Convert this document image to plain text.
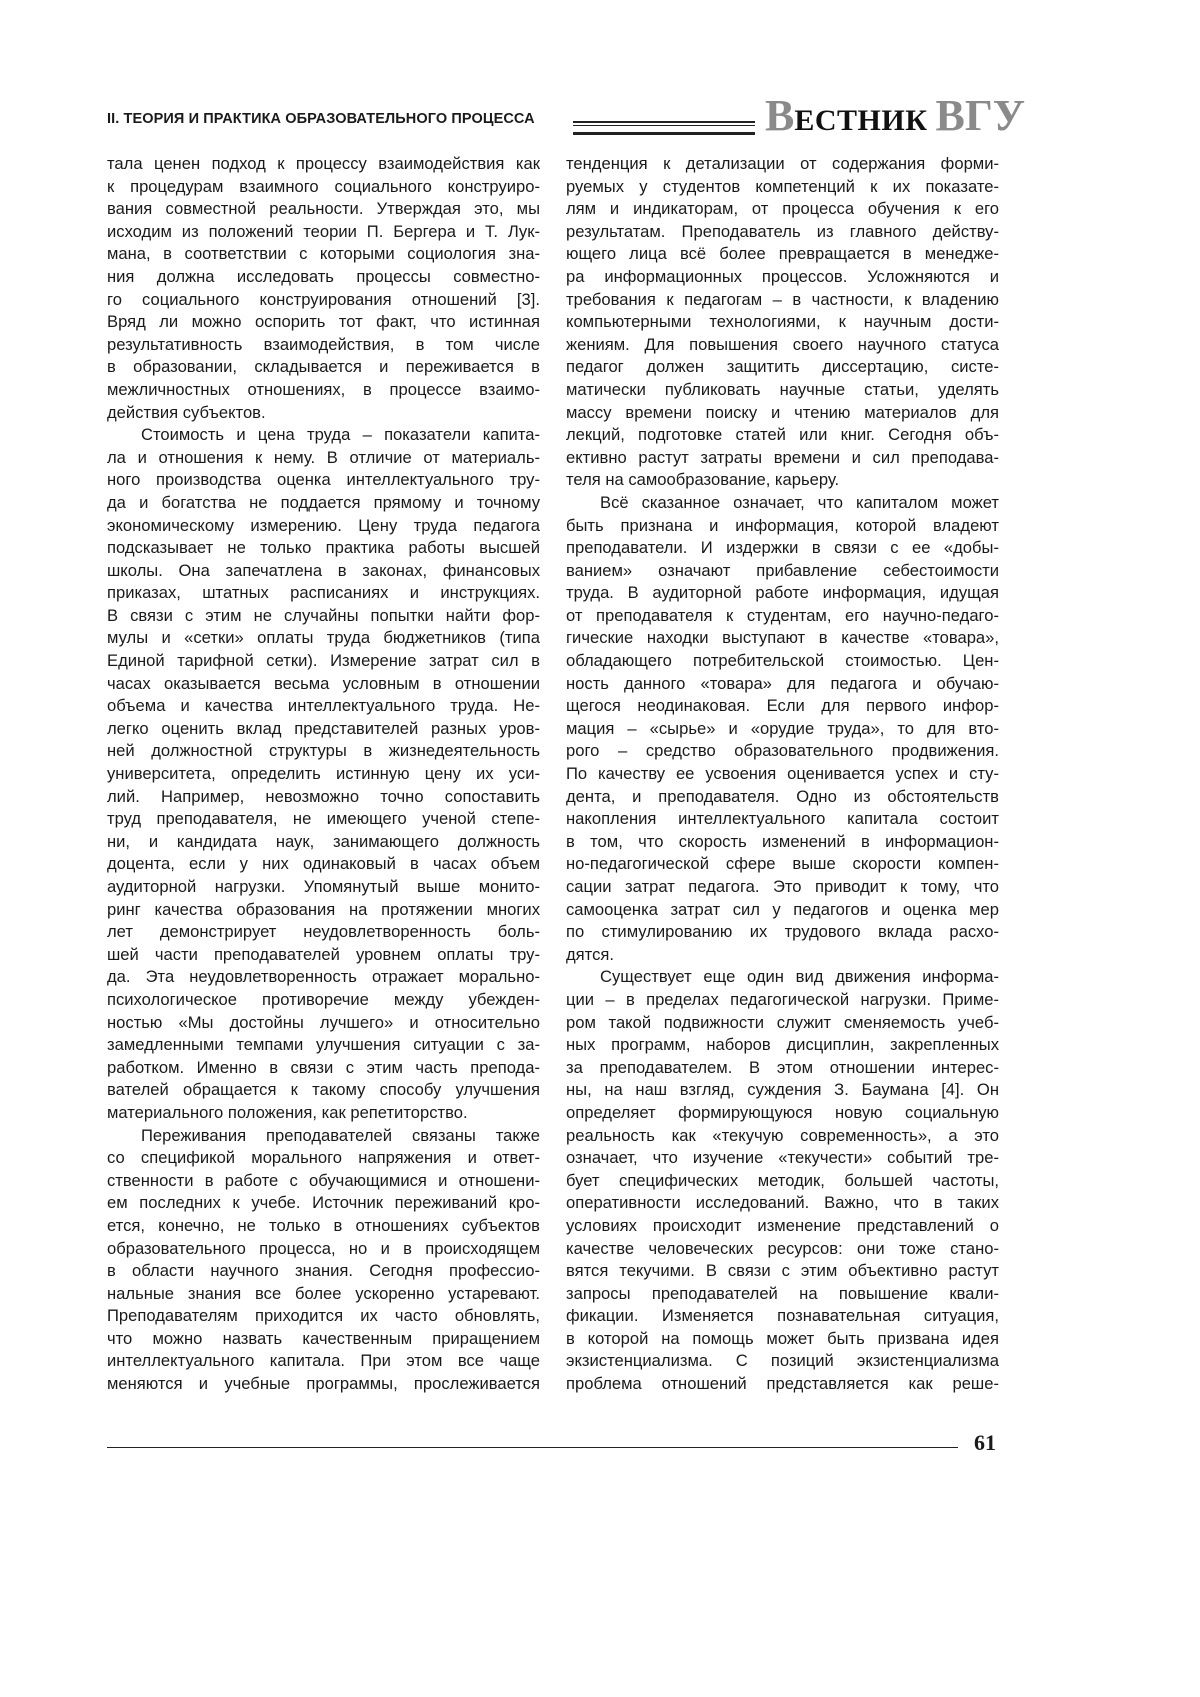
II. ТЕОРИЯ И ПРАКТИКА ОБРАЗОВАТЕЛЬНОГО ПРОЦЕССА	ВЕСТНИК ВГУ
тала ценен подход к процессу взаимодействия как
к процедурам взаимного социального конструиро-
вания совместной реальности. Утверждая это, мы
исходим из положений теории П. Бергера и Т. Лук-
мана, в соответствии с которыми социология зна-
ния должна исследовать процессы совместно-
го социального конструирования отношений [3].
Вряд ли можно оспорить тот факт, что истинная
результативность взаимодействия, в том числе
в образовании, складывается и переживается в
межличностных отношениях, в процессе взаимо-
действия субъектов.
Стоимость и цена труда – показатели капита-
ла и отношения к нему. В отличие от материаль-
ного производства оценка интеллектуального тру-
да и богатства не поддается прямому и точному
экономическому измерению. Цену труда педагога
подсказывает не только практика работы высшей
школы. Она запечатлена в законах, финансовых
приказах, штатных расписаниях и инструкциях.
В связи с этим не случайны попытки найти фор-
мулы и «сетки» оплаты труда бюджетников (типа
Единой тарифной сетки). Измерение затрат сил в
часах оказывается весьма условным в отношении
объема и качества интеллектуального труда. Не-
легко оценить вклад представителей разных уров-
ней должностной структуры в жизнедеятельность
университета, определить истинную цену их уси-
лий. Например, невозможно точно сопоставить
труд преподавателя, не имеющего ученой степе-
ни, и кандидата наук, занимающего должность
доцента, если у них одинаковый в часах объем
аудиторной нагрузки. Упомянутый выше монито-
ринг качества образования на протяжении многих
лет демонстрирует неудовлетворенность боль-
шей части преподавателей уровнем оплаты тру-
да. Эта неудовлетворенность отражает морально-
психологическое противоречие между убежден-
ностью «Мы достойны лучшего» и относительно
замедленными темпами улучшения ситуации с за-
работком. Именно в связи с этим часть препода-
вателей обращается к такому способу улучшения
материального положения, как репетиторство.
Переживания преподавателей связаны также
со спецификой морального напряжения и ответ-
ственности в работе с обучающимися и отношени-
ем последних к учебе. Источник переживаний кро-
ется, конечно, не только в отношениях субъектов
образовательного процесса, но и в происходящем
в области научного знания. Сегодня профессио-
нальные знания все более ускоренно устаревают.
Преподавателям приходится их часто обновлять,
что можно назвать качественным приращением
интеллектуального капитала. При этом все чаще
меняются и учебные программы, прослеживается
тенденция к детализации от содержания форми-
руемых у студентов компетенций к их показате-
лям и индикаторам, от процесса обучения к его
результатам. Преподаватель из главного действу-
ющего лица всё более превращается в менедже-
ра информационных процессов. Усложняются и
требования к педагогам – в частности, к владению
компьютерными технологиями, к научным дости-
жениям. Для повышения своего научного статуса
педагог должен защитить диссертацию, систе-
матически публиковать научные статьи, уделять
массу времени поиску и чтению материалов для
лекций, подготовке статей или книг. Сегодня объ-
ективно растут затраты времени и сил преподава-
теля на самообразование, карьеру.
Всё сказанное означает, что капиталом может
быть признана и информация, которой владеют
преподаватели. И издержки в связи с ее «добы-
ванием» означают прибавление себестоимости
труда. В аудиторной работе информация, идущая
от преподавателя к студентам, его научно-педаго-
гические находки выступают в качестве «товара»,
обладающего потребительской стоимостью. Цен-
ность данного «товара» для педагога и обучаю-
щегося неодинаковая. Если для первого инфор-
мация – «сырье» и «орудие труда», то для вто-
рого – средство образовательного продвижения.
По качеству ее усвоения оценивается успех и сту-
дента, и преподавателя. Одно из обстоятельств
накопления интеллектуального капитала состоит
в том, что скорость изменений в информацион-
но-педагогической сфере выше скорости компен-
сации затрат педагога. Это приводит к тому, что
самооценка затрат сил у педагогов и оценка мер
по стимулированию их трудового вклада расхо-
дятся.
Существует еще один вид движения информа-
ции – в пределах педагогической нагрузки. Приме-
ром такой подвижности служит сменяемость учеб-
ных программ, наборов дисциплин, закрепленных
за преподавателем. В этом отношении интерес-
ны, на наш взгляд, суждения З. Баумана [4]. Он
определяет формирующуюся новую социальную
реальность как «текучую современность», а это
означает, что изучение «текучести» событий тре-
бует специфических методик, большей частоты,
оперативности исследований. Важно, что в таких
условиях происходит изменение представлений о
качестве человеческих ресурсов: они тоже стано-
вятся текучими. В связи с этим объективно растут
запросы преподавателей на повышение квали-
фикации. Изменяется познавательная ситуация,
в которой на помощь может быть призвана идея
экзистенциализма. С позиций экзистенциализма
проблема отношений представляется как реше-
61
